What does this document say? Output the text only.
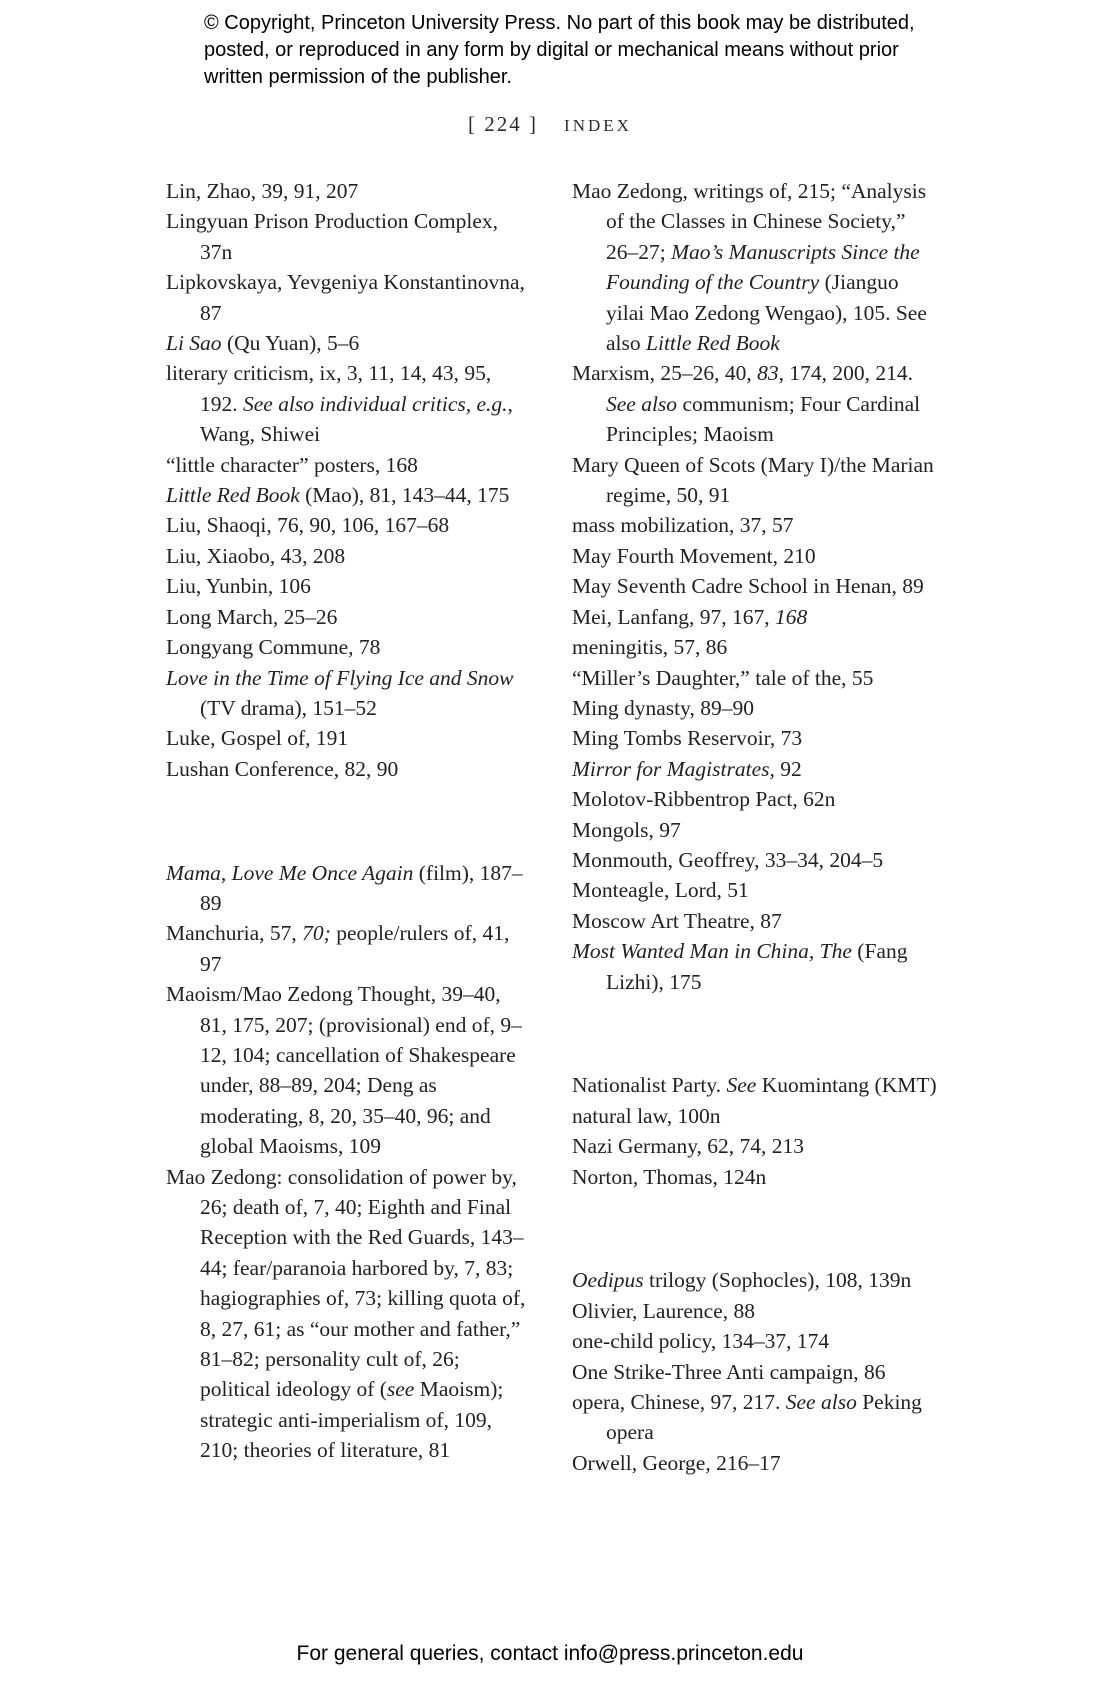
© Copyright, Princeton University Press. No part of this book may be distributed, posted, or reproduced in any form by digital or mechanical means without prior written permission of the publisher.
[ 224 ] INDEX

Lin, Zhao, 39, 91, 207

Lingyuan Prison Production Complex, 37n

Lipkovskaya, Yevgeniya Konstantinovna, 87

Li Sao (Qu Yuan), 5–6

literary criticism, ix, 3, 11, 14, 43, 95, 192. See also individual critics, e.g., Wang, Shiwei

“little character” posters, 168

Little Red Book (Mao), 81, 143–44, 175

Liu, Shaoqi, 76, 90, 106, 167–68

Liu, Xiaobo, 43, 208

Liu, Yunbin, 106

Long March, 25–26

Longyang Commune, 78

Love in the Time of Flying Ice and Snow (TV drama), 151–52

Luke, Gospel of, 191

Lushan Conference, 82, 90

Mama, Love Me Once Again (film), 187–89

Manchuria, 57, 70; people/rulers of, 41, 97

Maoism/Mao Zedong Thought, 39–40, 81, 175, 207; (provisional) end of, 9–12, 104; cancellation of Shakespeare under, 88–89, 204; Deng as moderating, 8, 20, 35–40, 96; and global Maoisms, 109

Mao Zedong: consolidation of power by, 26; death of, 7, 40; Eighth and Final Reception with the Red Guards, 143–44; fear/paranoia harbored by, 7, 83; hagiographies of, 73; killing quota of, 8, 27, 61; as “our mother and father,” 81–82; personality cult of, 26; political ideology of (see Maoism); strategic anti-imperialism of, 109, 210; theories of literature, 81

Mao Zedong, writings of, 215; “Analysis of the Classes in Chinese Society,” 26–27; Mao’s Manuscripts Since the Founding of the Country (Jianguo yilai Mao Zedong Wengao), 105. See also Little Red Book

Marxism, 25–26, 40, 83, 174, 200, 214. See also communism; Four Cardinal Principles; Maoism

Mary Queen of Scots (Mary I)/the Marian regime, 50, 91

mass mobilization, 37, 57

May Fourth Movement, 210

May Seventh Cadre School in Henan, 89

Mei, Lanfang, 97, 167, 168

meningitis, 57, 86

“Miller’s Daughter,” tale of the, 55

Ming dynasty, 89–90

Ming Tombs Reservoir, 73

Mirror for Magistrates, 92

Molotov-Ribbentrop Pact, 62n

Mongols, 97

Monmouth, Geoffrey, 33–34, 204–5

Monteagle, Lord, 51

Moscow Art Theatre, 87

Most Wanted Man in China, The (Fang Lizhi), 175

Nationalist Party. See Kuomintang (KMT)

natural law, 100n

Nazi Germany, 62, 74, 213

Norton, Thomas, 124n

Oedipus trilogy (Sophocles), 108, 139n

Olivier, Laurence, 88

one-child policy, 134–37, 174

One Strike-Three Anti campaign, 86

opera, Chinese, 97, 217. See also Peking opera

Orwell, George, 216–17

For general queries, contact info@press.princeton.edu
